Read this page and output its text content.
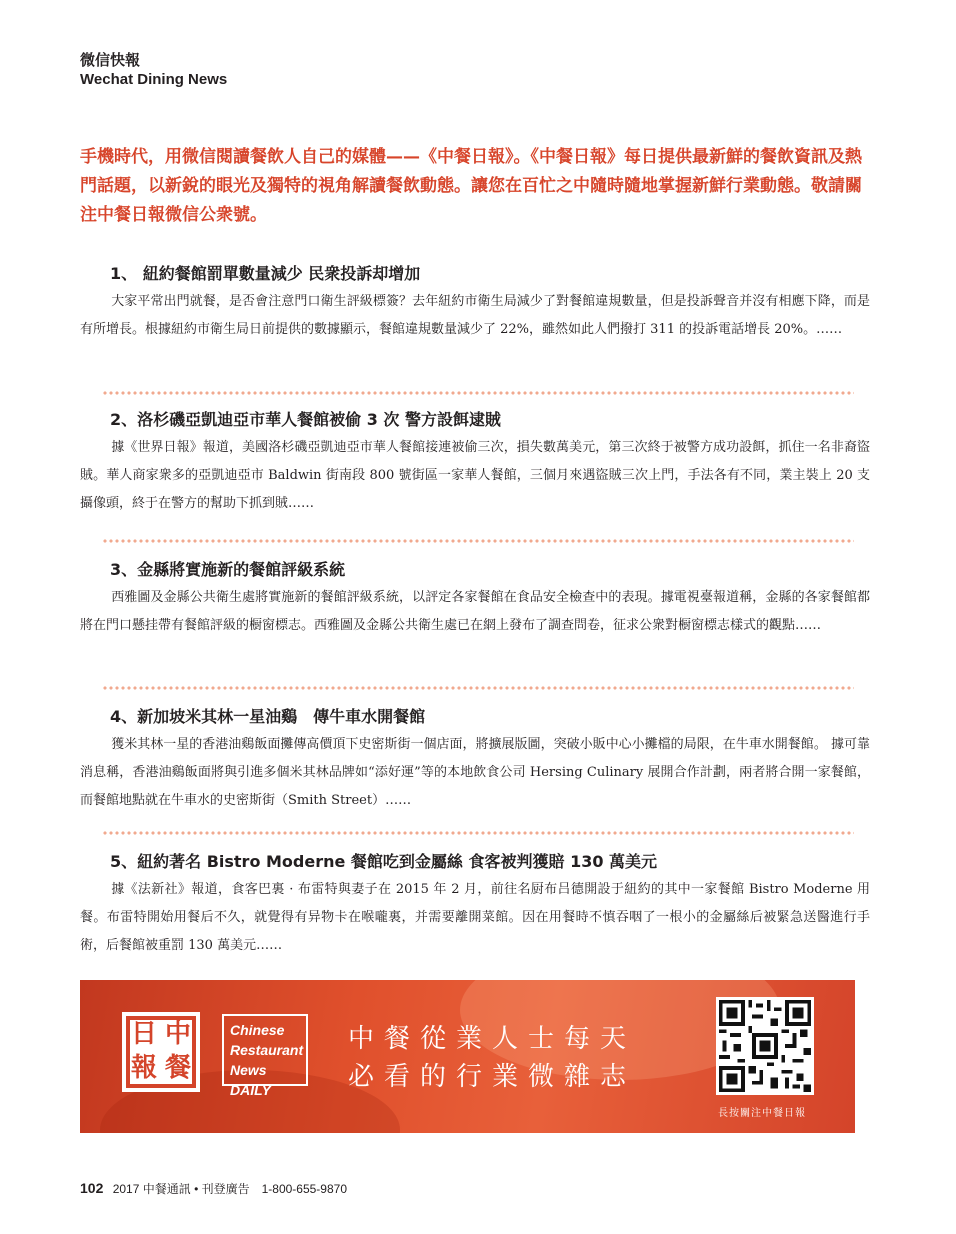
微信快報
Wechat Dining News
手機時代，用微信閱讀餐飲人自己的媒體——《中餐日報》。《中餐日報》每日提供最新鮮的餐飲資訊及熱門話題，以新銳的眼光及獨特的視角解讀餐飲動態。讓您在百忙之中隨時隨地掌握新鮮行業動態。敬請關注中餐日報微信公衆號。
1、 紐約餐館罰單數量減少 民衆投訴却增加

大家平常出門就餐，是否會注意門口衛生評級標簽？去年紐約市衛生局減少了對餐館違規數量，但是投訴聲音并沒有相應下降，而是有所增長。根據紐約市衛生局日前提供的數據顯示，餐館違規數量減少了 22%，雖然如此人們撥打 311 的投訴電話增長 20%。……

2、洛杉磯亞凱迪亞市華人餐館被偷 3 次 警方設餌逮賊

據《世界日報》報道，美國洛杉磯亞凱迪亞市華人餐館接連被偷三次，損失數萬美元，第三次終于被警方成功設餌，抓住一名非裔盜賊。華人商家衆多的亞凱迪亞市 Baldwin 街南段 800 號街區一家華人餐館，三個月來遇盜賊三次上門，手法各有不同，業主裝上 20 支攝像頭，終于在警方的幫助下抓到賊……

3、金縣將實施新的餐館評級系統

西雅圖及金縣公共衛生處將實施新的餐館評級系統，以評定各家餐館在食品安全檢查中的表現。據電視臺報道稱，金縣的各家餐館都將在門口懸挂帶有餐館評級的橱窗標志。西雅圖及金縣公共衛生處已在網上發布了調查問卷，征求公衆對橱窗標志樣式的觀點……

4、新加坡米其林一星油鷄　傳牛車水開餐館

獲米其林一星的香港油鷄飯面攤傳高價頂下史密斯街一個店面，將擴展版圖，突破小販中心小攤檔的局限，在牛車水開餐館。 據可靠消息稱，香港油鷄飯面將與引進多個米其林品牌如“添好運”等的本地飲食公司 Hersing Culinary 展開合作計劃，兩者將合開一家餐館，而餐館地點就在牛車水的史密斯街（Smith Street）……

5、紐約著名 Bistro Moderne 餐館吃到金屬絲 食客被判獲賠 130 萬美元

據《法新社》報道，食客巴裏 · 布雷特與妻子在 2015 年 2 月，前往名厨布吕德開設于紐約的其中一家餐館 Bistro Moderne 用餐。布雷特開始用餐后不久，就覺得有异物卡在喉嚨裏，并需要離開菜館。因在用餐時不慎吞咽了一根小的金屬絲后被緊急送醫進行手術，后餐館被重罰 130 萬美元……

中
餐
日
報
Chinese
Restaurant
News DAILY
中餐從業人士每天
必看的行業微雜志
長按關注中餐日報
102 2017 中餐通訊 • 刊登廣告　1-800-655-9870
